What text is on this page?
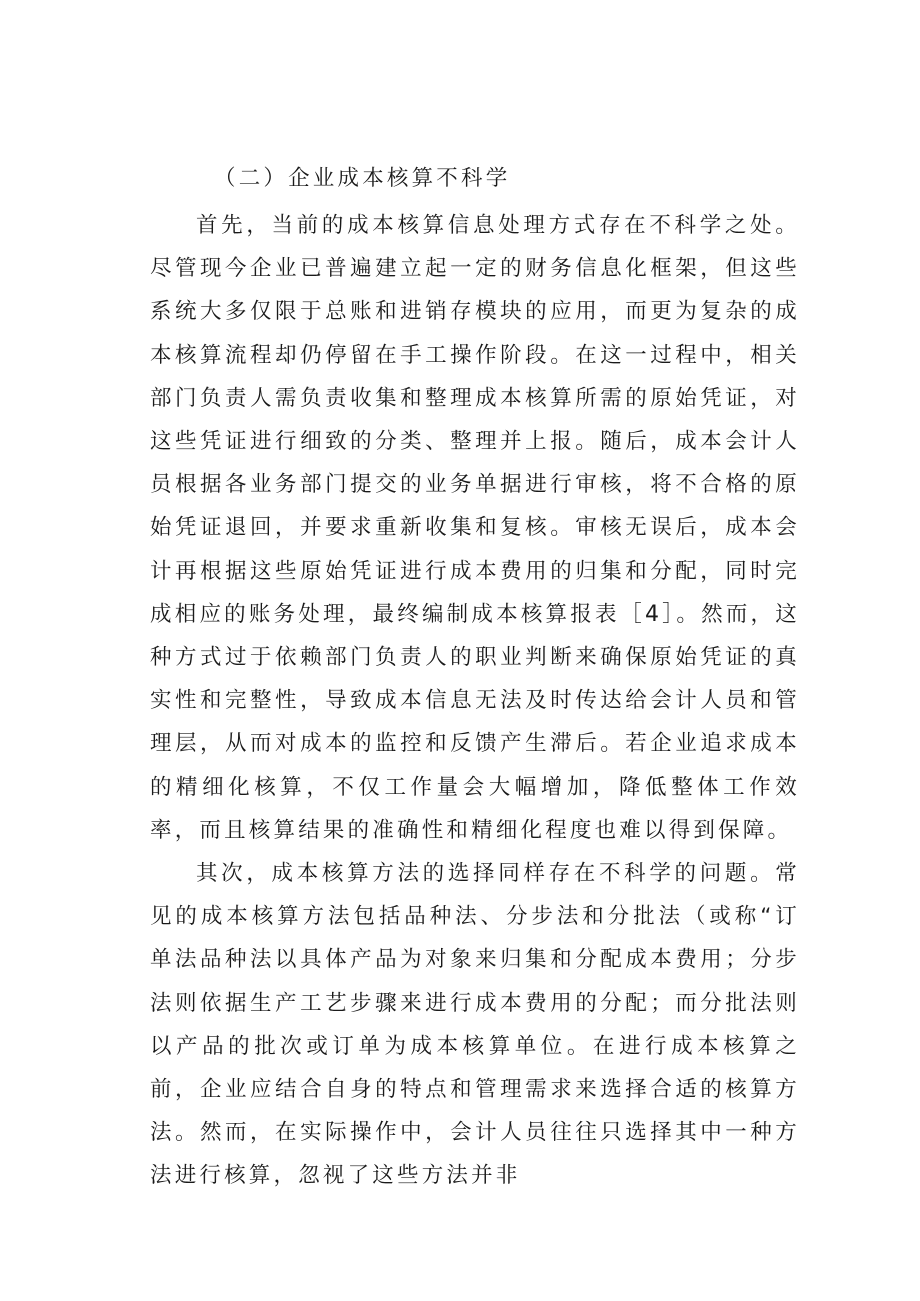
（二）企业成本核算不科学

首先，当前的成本核算信息处理方式存在不科学之处。尽管现今企业已普遍建立起一定的财务信息化框架，但这些系统大多仅限于总账和进销存模块的应用，而更为复杂的成本核算流程却仍停留在手工操作阶段。在这一过程中，相关部门负责人需负责收集和整理成本核算所需的原始凭证，对这些凭证进行细致的分类、整理并上报。随后，成本会计人员根据各业务部门提交的业务单据进行审核，将不合格的原始凭证退回，并要求重新收集和复核。审核无误后，成本会计再根据这些原始凭证进行成本费用的归集和分配，同时完成相应的账务处理，最终编制成本核算报表［4］。然而，这种方式过于依赖部门负责人的职业判断来确保原始凭证的真实性和完整性，导致成本信息无法及时传达给会计人员和管理层，从而对成本的监控和反馈产生滞后。若企业追求成本的精细化核算，不仅工作量会大幅增加，降低整体工作效率，而且核算结果的准确性和精细化程度也难以得到保障。

其次，成本核算方法的选择同样存在不科学的问题。常见的成本核算方法包括品种法、分步法和分批法（或称“订单法品种法以具体产品为对象来归集和分配成本费用；分步法则依据生产工艺步骤来进行成本费用的分配；而分批法则以产品的批次或订单为成本核算单位。在进行成本核算之前，企业应结合自身的特点和管理需求来选择合适的核算方法。然而，在实际操作中，会计人员往往只选择其中一种方法进行核算，忽视了这些方法并非
